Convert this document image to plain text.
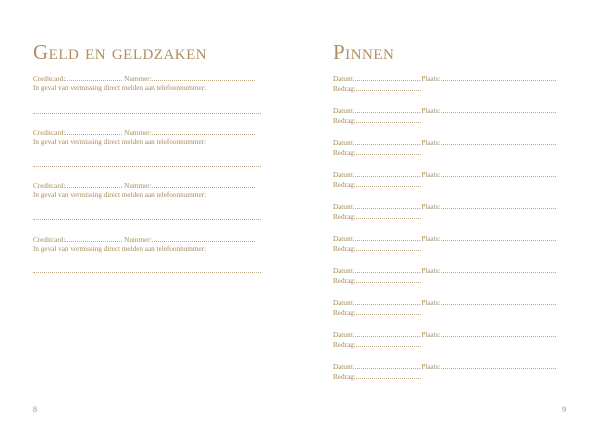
Geld en geldzaken
Creditcard:	Nummer:
In geval van vermissing direct melden aan telefoonnummer:
Creditcard:	Nummer:
In geval van vermissing direct melden aan telefoonnummer:
Creditcard:	Nummer:
In geval van vermissing direct melden aan telefoonnummer:
Creditcard:	Nummer:
In geval van vermissing direct melden aan telefoonnummer:
8
Pinnen
Datum:	Plaats:
Bedrag:
Datum:	Plaats:
Bedrag:
Datum:	Plaats:
Bedrag:
Datum:	Plaats:
Bedrag:
Datum:	Plaats:
Bedrag:
Datum:	Plaats:
Bedrag:
Datum:	Plaats:
Bedrag:
Datum:	Plaats:
Bedrag:
Datum:	Plaats:
Bedrag:
Datum:	Plaats:
Bedrag:
9
